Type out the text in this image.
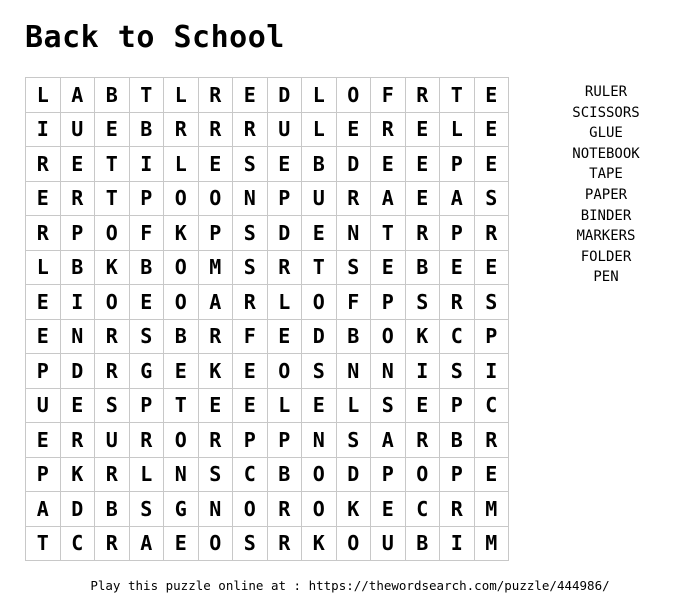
Back to School
L	A	B	T	L	R	E	D	L	O	F	R	T	E
I	U	E	B	R	R	R	U	L	E	R	E	L	E
R	E	T	I	L	E	S	E	B	D	E	E	P	E
E	R	T	P	O	O	N	P	U	R	A	E	A	S
R	P	O	F	K	P	S	D	E	N	T	R	P	R
L	B	K	B	O	M	S	R	T	S	E	B	E	E
E	I	O	E	O	A	R	L	O	F	P	S	R	S
E	N	R	S	B	R	F	E	D	B	O	K	C	P
P	D	R	G	E	K	E	O	S	N	N	I	S	I
U	E	S	P	T	E	E	L	E	L	S	E	P	C
E	R	U	R	O	R	P	P	N	S	A	R	B	R
P	K	R	L	N	S	C	B	O	D	P	O	P	E
A	D	B	S	G	N	O	R	O	K	E	C	R	M
T	C	R	A	E	O	S	R	K	O	U	B	I	M
RULER
SCISSORS
GLUE
NOTEBOOK
TAPE
PAPER
BINDER
MARKERS
FOLDER
PEN
Play this puzzle online at : https://thewordsearch.com/puzzle/444986/
